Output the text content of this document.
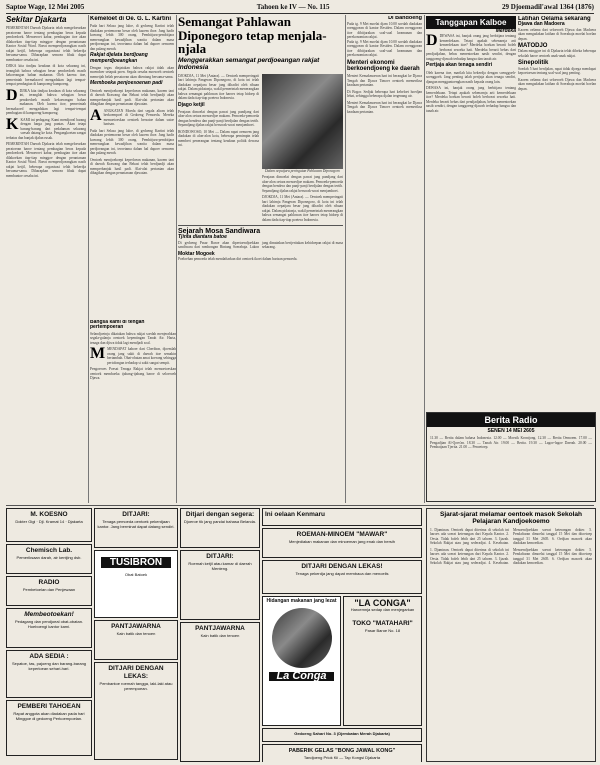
Saptoe Wage, 12 Mei 2005	Tahoen ke IV — No. 115	29 Djoemadil'awal 1364 (1876)
Sekitar Djakarta
PEMERINTAH Daerah Djakarta telah mengeloearkan peratoeran baroe tentang pembagian beras kepada pendoedoek. Menoeroet kabar, pembagian itoe akan dilakoekan tiap-tiap minggoe dengan perantaraan Kantor Sosial Ward. Boeat memperdjoeangkan nasib rakjat ketjil, beberapa organisasi telah bekerdja bersama-sama. Diharapkan semoea fihak dapat membantoe oesaha ini.
DJIKA kita tindjau keadaan di kota sekarang ini, teranglah bahwa sebagian besar pendoedoek masih kekoerangan bahan makanan. Oleh karena itoe, pemerintah bermaksoed mengadakan lagi tempat-tempat pembagian di kampoeng-kampoeng.
DDJIKA kita tindjau keadaan di kota sekarang ini, teranglah bahwa sebagian besar pendoedoek masih kekoerangan bahan makanan. Oleh karena itoe, pemerintah bermaksoed mengadakan lagi tempat-tempat pembagian di kampoeng-kampoeng.
KKAMI ini pedagang. Kami mendjoeal barang dengan harga jang pantas. Akan tetapi barang-barang dari pedalaman sekarang soesah datang ke kota. Pengangkoetan sangat terbatas dan banjak djalan rusak.
PEMERINTAH Daerah Djakarta telah mengeloearkan peratoeran baroe tentang pembagian beras kepada pendoedoek. Menoeroet kabar, pembagian itoe akan dilakoekan tiap-tiap minggoe dengan perantaraan Kantor Sosial Ward. Boeat memperdjoeangkan nasib rakjat ketjil, beberapa organisasi telah bekerdja bersama-sama. Diharapkan semoea fihak dapat membantoe oesaha ini.
Kemeloet di Oe. G. L. Kartini
Pada hari Selasa jang laloe, di gedoeng Kartini telah diadakan pertemoean besar oleh kaoem iboe. Jang hadir koerang lebih 300 orang. Pembitjara-pembitjara menerangkan kewadjiban wanita dalam masa perdjoeangan ini, teroetama dalam hal dapoer oemoem dan palang merah.
Rakjat djelata berdjoang memperdjoeangkan
Dengan tegas dinjatakan bahwa rakjat tidak akan moendoer setapak poen. Segala oesaha moesoeh oentoek memetjah belah persatoean akan ditentang bersama-sama.
Memboeka penjoesoenan padi
Oentoek mentjoekoepi keperloean makanan, kaoem tani di daerah Krawang dan Bekasi telah berdjandji akan memperbanjak hasil padi. Alat-alat pertanian akan dibagikan dengan perantaraan djawatan.
AANGKATAN Moeda dari segala aliran telah berkoempoel di Gedoeng Pemoeda. Mereka memoetoeskan oentoek bersatoe dalam satoe barisan.
Pada hari Selasa jang laloe, di gedoeng Kartini telah diadakan pertemoean besar oleh kaoem iboe. Jang hadir koerang lebih 300 orang. Pembitjara-pembitjara menerangkan kewadjiban wanita dalam masa perdjoeangan ini, teroetama dalam hal dapoer oemoem dan palang merah.
Oentoek mentjoekoepi keperloean makanan, kaoem tani di daerah Krawang dan Bekasi telah berdjandji akan memperbanjak hasil padi. Alat-alat pertanian akan dibagikan dengan perantaraan djawatan.
Semangat Pahlawan Diponegoro tetap menjala-njala
Menggerakkan semangat perdjoeangan rakjat Indonesia
DJOKDJA, 11 Mei (Antara). — Oentoek memperingati hari lahirnja Pangeran Diponegoro, di kota ini telah diadakan oepatjara besar jang dihadiri oleh ribuan rakjat. Dalam pidatonja, wakil pemerintah menerangkan bahwa semangat pahlawan itoe haroes tetap hidoep di dalam dada tiap-tiap poetera Indonesia.
Djago ketjil
Perajaan dimoelai dengan pawai jang pandjang dari alon-alon oetara menoedjoe makam. Pemoeda-pemoeda dengan bendera dan panji-panji berdjalan dengan tertib. Sepandjang djalan rakjat bersorak-sorai menjamboet.
BONDOWOSO, 10 Mei — Dalam rapat oemoem jang diadakan di alon-alon kota, beberapa pemimpin telah memberi penerangan tentang keadaan politik dewasa ini.
Dalam oepatjara peringatan Pahlawan Diponegoro
Perajaan dimoelai dengan pawai jang pandjang dari alon-alon oetara menoedjoe makam. Pemoeda-pemoeda dengan bendera dan panji-panji berdjalan dengan tertib. Sepandjang djalan rakjat bersorak-sorai menjamboet.
DJOKDJA, 11 Mei (Antara). — Oentoek memperingati hari lahirnja Pangeran Diponegoro, di kota ini telah diadakan oepatjara besar jang dihadiri oleh ribuan rakjat. Dalam pidatonja, wakil pemerintah menerangkan bahwa semangat pahlawan itoe haroes tetap hidoep di dalam dada tiap-tiap poetera Indonesia.
Sejarah Mosa Sandiwara
Tjinta diantara batoe
Di gedoeng Pasar Baroe akan dipertoendjoekkan sandiwara dari rombongan Bintang Soerabaja. Lakon jang dimainkan bertjeritakan kehidoepan rakjat di masa sekarang.
Moktar Mogoek
Poeloehan pemoeda telah mendaftarkan diri oentoek ikoet dalam barisan pemoeda.
Di Bandoeng
Pada tg. 9 Mei moelai djam 10.00 soedah diadakan roenggoean di kantor Residen. Dalam roenggoean itoe dibitjarakan soal-soal keamanan dan perekonomian rakjat.
Pada tg. 9 Mei moelai djam 10.00 soedah diadakan roenggoean di kantor Residen. Dalam roenggoean itoe dibitjarakan soal-soal keamanan dan perekonomian rakjat.
Menteri ekonomi berkoendjoeng ke daerah
Menteri Kemakmoeran hari ini berangkat ke Djawa Tengah dan Djawa Timoer oentoek memeriksa keadaan pertanian.
Di Bogor. Sedjak beberapa hari kebeloet hoedjan lebat, sehingga beberapa djalan tergenang air.
Menteri Kemakmoeran hari ini berangkat ke Djawa Tengah dan Djawa Timoer oentoek memeriksa keadaan pertanian.
Tanggapan Kalboe
Merdeka
DDEWASA ini, banjak orang jang berbitjara tentang kemerdekaan. Tetapi apakah sebenarnja arti kemerdekaan itoe? Merdeka boekan berarti boleh berboeat sesoeka hati. Merdeka berarti bebas dari pendjadjahan, bebas menentoekan nasib sendiri, dengan tanggoeng-djawab terhadap bangsa dan tanah air.
Pertjaja akan tenaga sendiri
Oleh karena itoe, marilah kita bekerdja dengan soenggoeh-soenggoeh. Jang penting ialah pertjaja akan tenaga sendiri, djangan menggantoengkan nasib kepada orang lain.
DEWASA ini, banjak orang jang berbitjara tentang kemerdekaan. Tetapi apakah sebenarnja arti kemerdekaan itoe? Merdeka boekan berarti boleh berboeat sesoeka hati. Merdeka berarti bebas dari pendjadjahan, bebas menentoekan nasib sendiri, dengan tanggoeng-djawab terhadap bangsa dan tanah air.
Latihan Oelama sekarang
Djawa dan Madoera
Kaoem oelama dari seloeroeh Djawa dan Madoera akan mengadakan latihan di Soerabaja moelai boelan depan.
MATODJO
Dalam minggoe ini di Djakarta telah dibeka beberapa sekolah baroe oentoek anak-anak rakjat.
Sinepolitik
Soedah 5 hari berdjalan, rapat tidak djoega mendapat kepoetoesan tentang soal-soal jang penting.
Kaoem oelama dari seloeroeh Djawa dan Madoera akan mengadakan latihan di Soerabaja moelai boelan depan.
Berita Radio
SENEN 14 MEI 2605
11.30 — Berita dalam bahasa Indonesia. 12.00 — Moesik Krontjong. 12.30 — Berita Oemoem. 17.00 — Pengadjian Al-Qoer'an. 18.30 — Tanah Air. 19.00 — Berita. 19.30 — Lagoe-lagoe Daerah. 20.00 — Pembatjaan Tjerita. 21.00 — Penoetoep.
Bangsa kami di tengah pertempoeran
Selandjoetnja dikatakan bahwa rakjat soedah menjerahkan segala-galanja oentoek kepentingan Tanah Air. Harta, tenaga dan djiwa tidak lagi mendjadi soal.
MMENDAPAT kaboer dari Cheribon, djoemlah orang jang sakit di daerah itoe semakin bertambah. Obat-obatan amat koerang sehingga pertolongan terhadap si sakit sangat sempit.
Pengoeroes Poesat Tenaga Rakjat telah memoetoeskan oentoek memboeka tjabang-tjabang baroe di seloeroeh Djawa.
M. KOESNO
Dokter Gigi · Djl. Kramat 14 · Djakarta
Chemisch Lab.
Pemeriksaan darah, air kentjing dsb.
RADIO
Pembetoelan dan Penjewaan
Membeotoekan!
Pedagang dan pendjoeal obat-obatan. Hoeboengi kantor kami.
ADA SEDIA :
Sepatoe, tas, pajoeng dan barang-barang keperloean sehari-hari.
PEMBERI TAHOEAN
Rapat anggota akan diadakan pada hari Minggoe di gedoeng Perkoempoelan.
DITJARI:
Tenaga pemoeda oentoek pekerdjaan kantor. Jang berminat dapat datang sendiri.
TUSIBRON
Obat Batoek
PANTJAWARNA
Kain batik dan tenoen
DITJARI DENGAN LEKAS:
Pembantoe roemah tangga, laki-laki atau perempoean.
Ditjari dengan segera:
Djoeroe tik jang pandai bahasa Belanda.
DITJARI:
Roemah ketjil atau kamar di daerah Menteng.
PANTJAWARNA
Kain batik dan tenoen
Ini oelaan Kenmaru
ROEMAN-MINOEM "MAWAR"
Menjediakan makanan dan minoeman jang enak dan bersih
DITJARI DENGAN LEKAS!
Tenaga pekerdja jang dapat membaca dan menoelis
Hidangan makanan jang lezat
La Conga
"LA CONGA"
Haroemnja sedap dan menjegarkan
TOKO "MATAHARI"
Pasar Baroe No. 18
Gedoeng Sahari No. 3 (Djembatan Merah Djakarta)
PABERIK GELAS "BONG JAWAL KONG"
Tandjoeng Priok Kii — Tap Kongsi Djakarta
Sjarat-sjarat melamar oentoek masok Sekolah Pelajaran Kandjoekoemo
1. Djaminan. Oentoek dapat diterima di sekolah ini haroes ada soerat keterangan dari Kepala Kantor. 2. Oesia. Tidak boleh lebih dari 25 tahoen. 3. Ijazah. Sekolah Rakjat atau jang sederadjat. 4. Kesehatan. Menoendjoekkan soerat keterangan dokter. 5. Pendaftaran dimoelai tanggal 15 Mei dan ditoetoep tanggal 31 Mei 2605. 6. Oedjian masoek akan diadakan kemoedian.
1. Djaminan. Oentoek dapat diterima di sekolah ini haroes ada soerat keterangan dari Kepala Kantor. 2. Oesia. Tidak boleh lebih dari 25 tahoen. 3. Ijazah. Sekolah Rakjat atau jang sederadjat. 4. Kesehatan. Menoendjoekkan soerat keterangan dokter. 5. Pendaftaran dimoelai tanggal 15 Mei dan ditoetoep tanggal 31 Mei 2605. 6. Oedjian masoek akan diadakan kemoedian.
